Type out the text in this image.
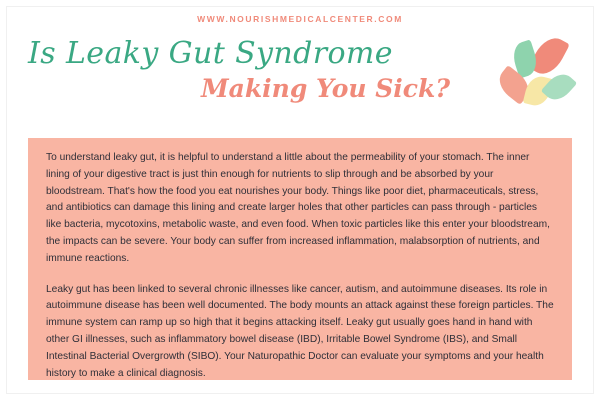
WWW.NOURISHMEDICALCENTER.COM
Is Leaky Gut Syndrome
Making You Sick?

To understand leaky gut, it is helpful to understand a little about the permeability of your stomach. The inner lining of your digestive tract is just thin enough for nutrients to slip through and be absorbed by your bloodstream. That's how the food you eat nourishes your body. Things like poor diet, pharmaceuticals, stress, and antibiotics can damage this lining and create larger holes that other particles can pass through - particles like bacteria, mycotoxins, metabolic waste, and even food. When toxic particles like this enter your bloodstream, the impacts can be severe. Your body can suffer from increased inflammation, malabsorption of nutrients, and immune reactions.

Leaky gut has been linked to several chronic illnesses like cancer, autism, and autoimmune diseases. Its role in autoimmune disease has been well documented. The body mounts an attack against these foreign particles. The immune system can ramp up so high that it begins attacking itself. Leaky gut usually goes hand in hand with other GI illnesses, such as inflammatory bowel disease (IBD), Irritable Bowel Syndrome (IBS), and Small Intestinal Bacterial Overgrowth (SIBO). Your Naturopathic Doctor can evaluate your symptoms and your health history to make a clinical diagnosis.
